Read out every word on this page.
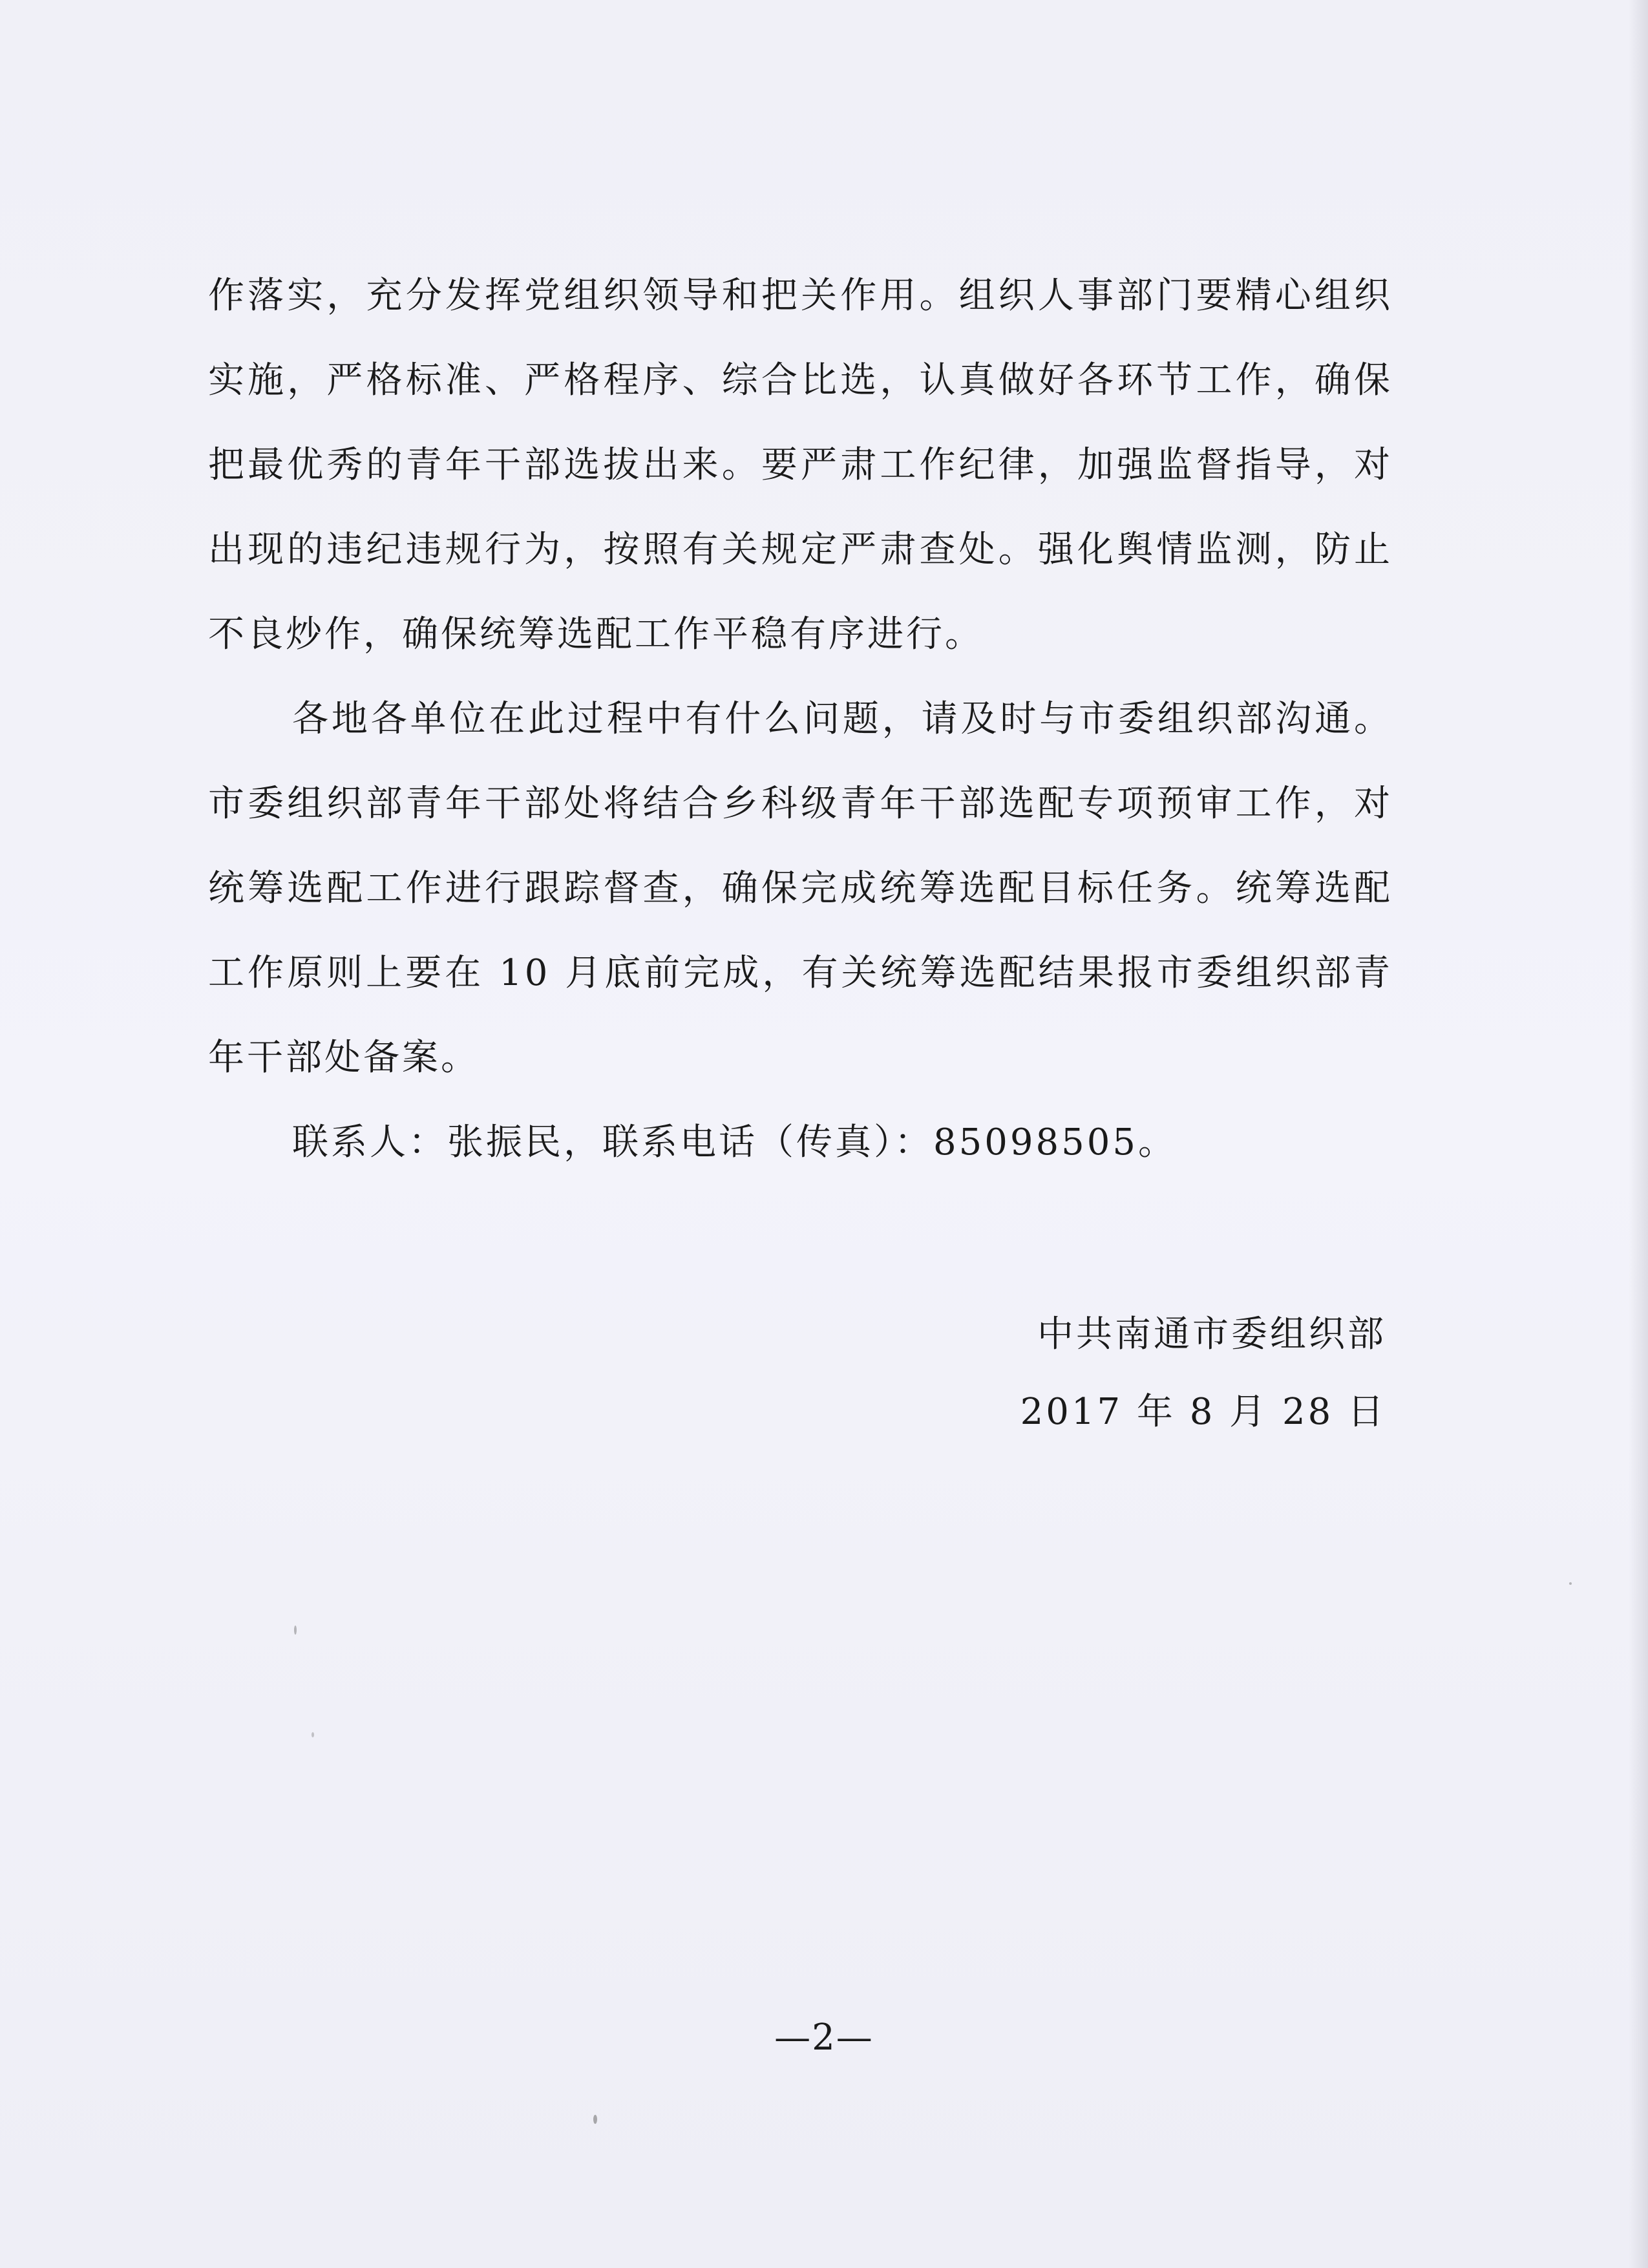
作落实，充分发挥党组织领导和把关作用。组织人事部门要精心组织实施，严格标准、严格程序、综合比选，认真做好各环节工作，确保把最优秀的青年干部选拔出来。要严肃工作纪律，加强监督指导，对出现的违纪违规行为，按照有关规定严肃查处。强化舆情监测，防止不良炒作，确保统筹选配工作平稳有序进行。

各地各单位在此过程中有什么问题，请及时与市委组织部沟通。市委组织部青年干部处将结合乡科级青年干部选配专项预审工作，对统筹选配工作进行跟踪督查，确保完成统筹选配目标任务。统筹选配工作原则上要在 10 月底前完成，有关统筹选配结果报市委组织部青年干部处备案。

联系人：张振民，联系电话（传真）：85098505。

中共南通市委组织部
2017 年 8 月 28 日
—2—
